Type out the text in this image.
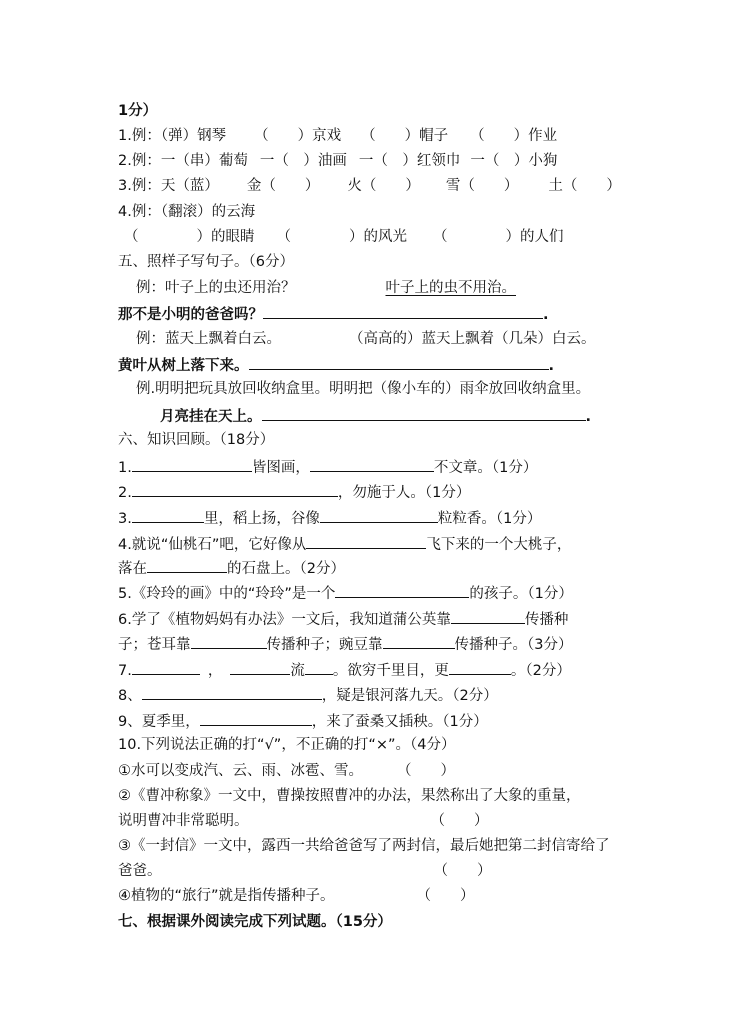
1分）
1.例：（弹）钢琴 （　　）京戏 （　　）帽子 （　　）作业
2.例：一（串）葡萄 一（　）油画 一（　）红领巾 一（　）小狗
3.例：天（蓝） 金（　　） 火（　　） 雪（　　） 土（　　）
4.例：（翻滚）的云海
（　　　　）的眼睛 （　　　　）的风光 （　　　　）的人们
五、照样子写句子。（6分）
例：叶子上的虫还用治？	叶子上的虫不用治。
那不是小明的爸爸吗？	.
例：蓝天上飘着白云。	（高高的）蓝天上飘着（几朵）白云。
黄叶从树上落下来。	.
例.明明把玩具放回收纳盒里。明明把（像小车的）雨伞放回收纳盒里。
月亮挂在天上。	.
六、知识回顾。（18分）
1.	皆图画，	不文章。（1分）
2.	，勿施于人。（1分）
3.	里，稻上扬，谷像	粒粒香。（1分）
4.就说“仙桃石”吧，它好像从	飞下来的一个大桃子，
落在	的石盘上。（2分）
5.《玲玲的画》中的“玲玲”是一个	的孩子。（1分）
6.学了《植物妈妈有办法》一文后，我知道蒲公英靠	传播种
子；苍耳靠	传播种子；豌豆靠	传播种子。（3分）
7.	，	流 。欲穷千里目，更	。（2分）
8、	，疑是银河落九天。（2分）
9、夏季里，	，来了蚕桑又插秧。（1分）
10.下列说法正确的打“√”，不正确的打“×”。（4分）
①水可以变成汽、云、雨、冰雹、雪。 （　　）
②《曹冲称象》一文中，曹操按照曹冲的办法，果然称出了大象的重量，
说明曹冲非常聪明。	（　　）
③《一封信》一文中，露西一共给爸爸写了两封信，最后她把第二封信寄给了
爸爸。	（　　）
④植物的“旅行”就是指传播种子。	（　　）
七、根据课外阅读完成下列试题。（15分）
